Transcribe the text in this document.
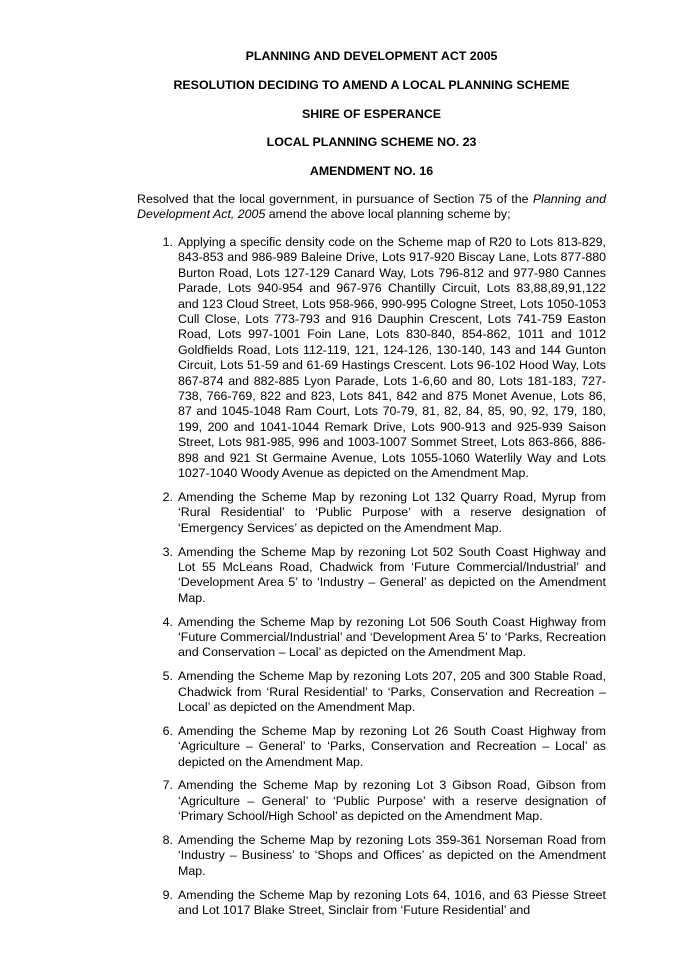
PLANNING AND DEVELOPMENT ACT 2005
RESOLUTION DECIDING TO AMEND A LOCAL PLANNING SCHEME
SHIRE OF ESPERANCE
LOCAL PLANNING SCHEME NO. 23
AMENDMENT NO. 16

Resolved that the local government, in pursuance of Section 75 of the Planning and Development Act, 2005 amend the above local planning scheme by;

1. Applying a specific density code on the Scheme map of R20 to Lots 813-829, 843-853 and 986-989 Baleine Drive, Lots 917-920 Biscay Lane, Lots 877-880 Burton Road, Lots 127-129 Canard Way, Lots 796-812 and 977-980 Cannes Parade, Lots 940-954 and 967-976 Chantilly Circuit, Lots 83,88,89,91,122 and 123 Cloud Street, Lots 958-966, 990-995 Cologne Street, Lots 1050-1053 Cull Close, Lots 773-793 and 916 Dauphin Crescent, Lots 741-759 Easton Road, Lots 997-1001 Foin Lane, Lots 830-840, 854-862, 1011 and 1012 Goldfields Road, Lots 112-119, 121, 124-126, 130-140, 143 and 144 Gunton Circuit, Lots 51-59 and 61-69 Hastings Crescent. Lots 96-102 Hood Way, Lots 867-874 and 882-885 Lyon Parade, Lots 1-6,60 and 80, Lots 181-183, 727-738, 766-769, 822 and 823, Lots 841, 842 and 875 Monet Avenue, Lots 86, 87 and 1045-1048 Ram Court, Lots 70-79, 81, 82, 84, 85, 90, 92, 179, 180, 199, 200 and 1041-1044 Remark Drive, Lots 900-913 and 925-939 Saison Street, Lots 981-985, 996 and 1003-1007 Sommet Street, Lots 863-866, 886-898 and 921 St Germaine Avenue, Lots 1055-1060 Waterlily Way and Lots 1027-1040 Woody Avenue as depicted on the Amendment Map.
2. Amending the Scheme Map by rezoning Lot 132 Quarry Road, Myrup from ‘Rural Residential’ to ‘Public Purpose’ with a reserve designation of ‘Emergency Services’ as depicted on the Amendment Map.
3. Amending the Scheme Map by rezoning Lot 502 South Coast Highway and Lot 55 McLeans Road, Chadwick from ‘Future Commercial/Industrial’ and ‘Development Area 5’ to ‘Industry – General’ as depicted on the Amendment Map.
4. Amending the Scheme Map by rezoning Lot 506 South Coast Highway from ‘Future Commercial/Industrial’ and ‘Development Area 5’ to ‘Parks, Recreation and Conservation – Local’ as depicted on the Amendment Map.
5. Amending the Scheme Map by rezoning Lots 207, 205 and 300 Stable Road, Chadwick from ‘Rural Residential’ to ‘Parks, Conservation and Recreation – Local’ as depicted on the Amendment Map.
6. Amending the Scheme Map by rezoning Lot 26 South Coast Highway from ‘Agriculture – General’ to ‘Parks, Conservation and Recreation – Local’ as depicted on the Amendment Map.
7. Amending the Scheme Map by rezoning Lot 3 Gibson Road, Gibson from ‘Agriculture – General’ to ‘Public Purpose’ with a reserve designation of ‘Primary School/High School’ as depicted on the Amendment Map.
8. Amending the Scheme Map by rezoning Lots 359-361 Norseman Road from ‘Industry – Business’ to ‘Shops and Offices’ as depicted on the Amendment Map.
9. Amending the Scheme Map by rezoning Lots 64, 1016, and 63 Piesse Street and Lot 1017 Blake Street, Sinclair from ‘Future Residential’ and
